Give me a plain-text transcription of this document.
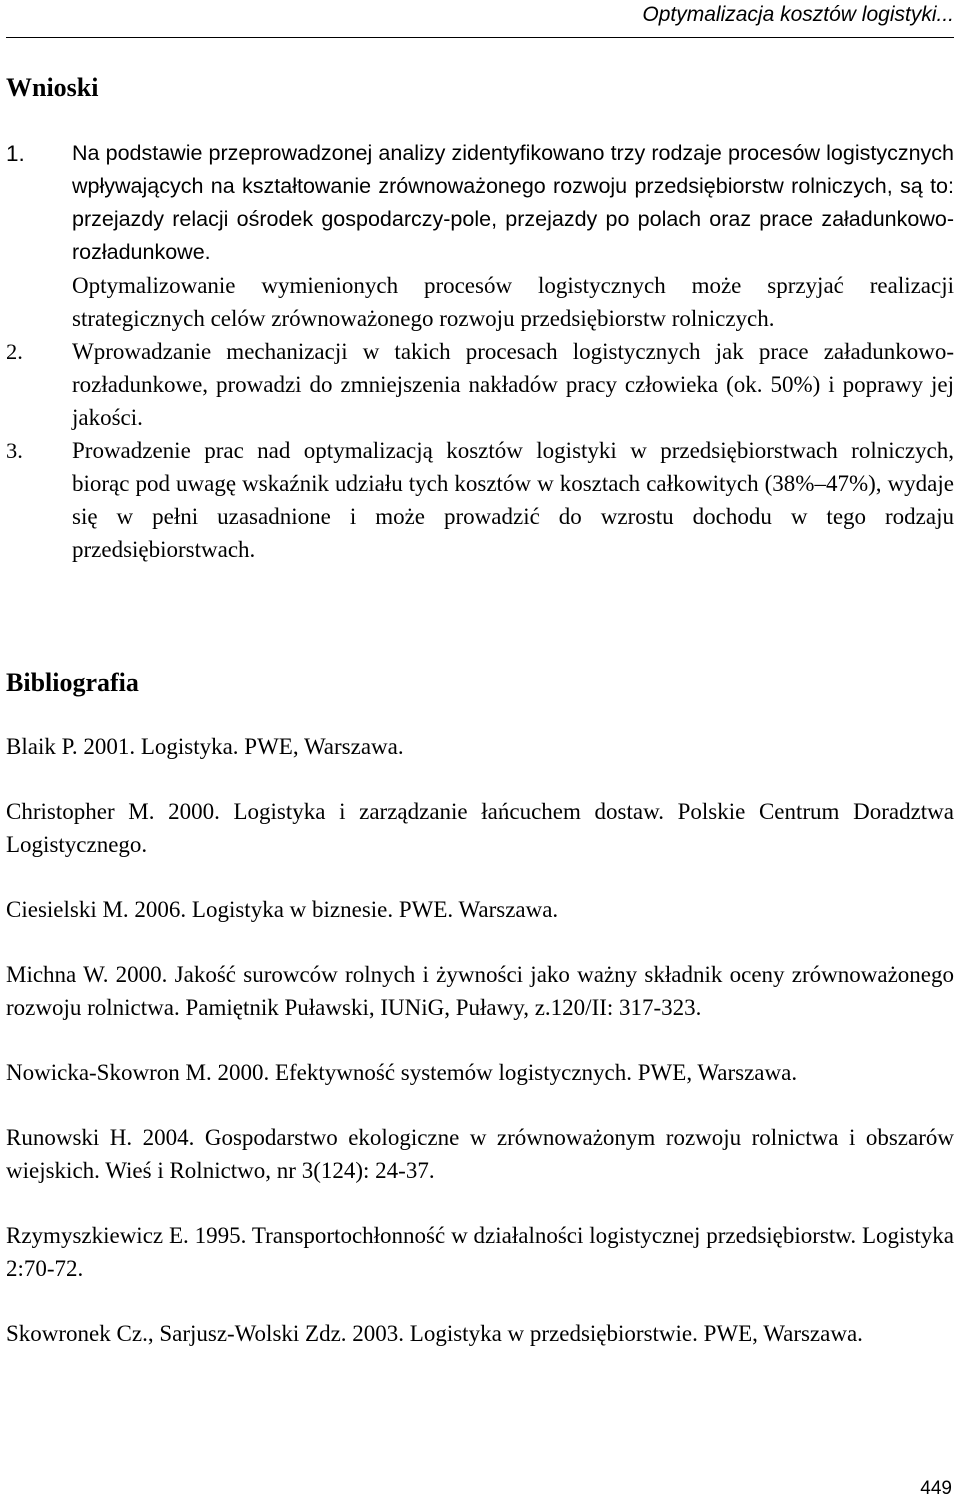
Optymalizacja kosztów logistyki...
Wnioski
1. Na podstawie przeprowadzonej analizy zidentyfikowano trzy rodzaje procesów logistycznych wpływających na kształtowanie zrównoważonego rozwoju przedsiębiorstw rolniczych, są to: przejazdy relacji ośrodek gospodarczy-pole, przejazdy po polach oraz prace załadunkowo-rozładunkowe.
Optymalizowanie wymienionych procesów logistycznych może sprzyjać realizacji strategicznych celów zrównoważonego rozwoju przedsiębiorstw rolniczych.
2. Wprowadzanie mechanizacji w takich procesach logistycznych jak prace załadunkowo-rozładunkowe, prowadzi do zmniejszenia nakładów pracy człowieka (ok. 50%) i poprawy jej jakości.
3. Prowadzenie prac nad optymalizacją kosztów logistyki w przedsiębiorstwach rolniczych, biorąc pod uwagę wskaźnik udziału tych kosztów w kosztach całkowitych (38%–47%), wydaje się w pełni uzasadnione i może prowadzić do wzrostu dochodu w tego rodzaju przedsiębiorstwach.
Bibliografia

Blaik P. 2001. Logistyka. PWE, Warszawa.

Christopher M. 2000. Logistyka i zarządzanie łańcuchem dostaw. Polskie Centrum Doradztwa Logistycznego.

Ciesielski M. 2006. Logistyka w biznesie. PWE. Warszawa.

Michna W. 2000. Jakość surowców rolnych i żywności jako ważny składnik oceny zrównoważonego rozwoju rolnictwa. Pamiętnik Puławski, IUNiG, Puławy, z.120/II: 317-323.

Nowicka-Skowron M. 2000. Efektywność systemów logistycznych. PWE, Warszawa.

Runowski H. 2004. Gospodarstwo ekologiczne w zrównoważonym rozwoju rolnictwa i obszarów wiejskich. Wieś i Rolnictwo, nr 3(124): 24-37.

Rzymyszkiewicz E. 1995. Transportochłonność w działalności logistycznej przedsiębiorstw. Logistyka 2:70-72.

Skowronek Cz., Sarjusz-Wolski Zdz. 2003. Logistyka w przedsiębiorstwie. PWE, Warszawa.

449
